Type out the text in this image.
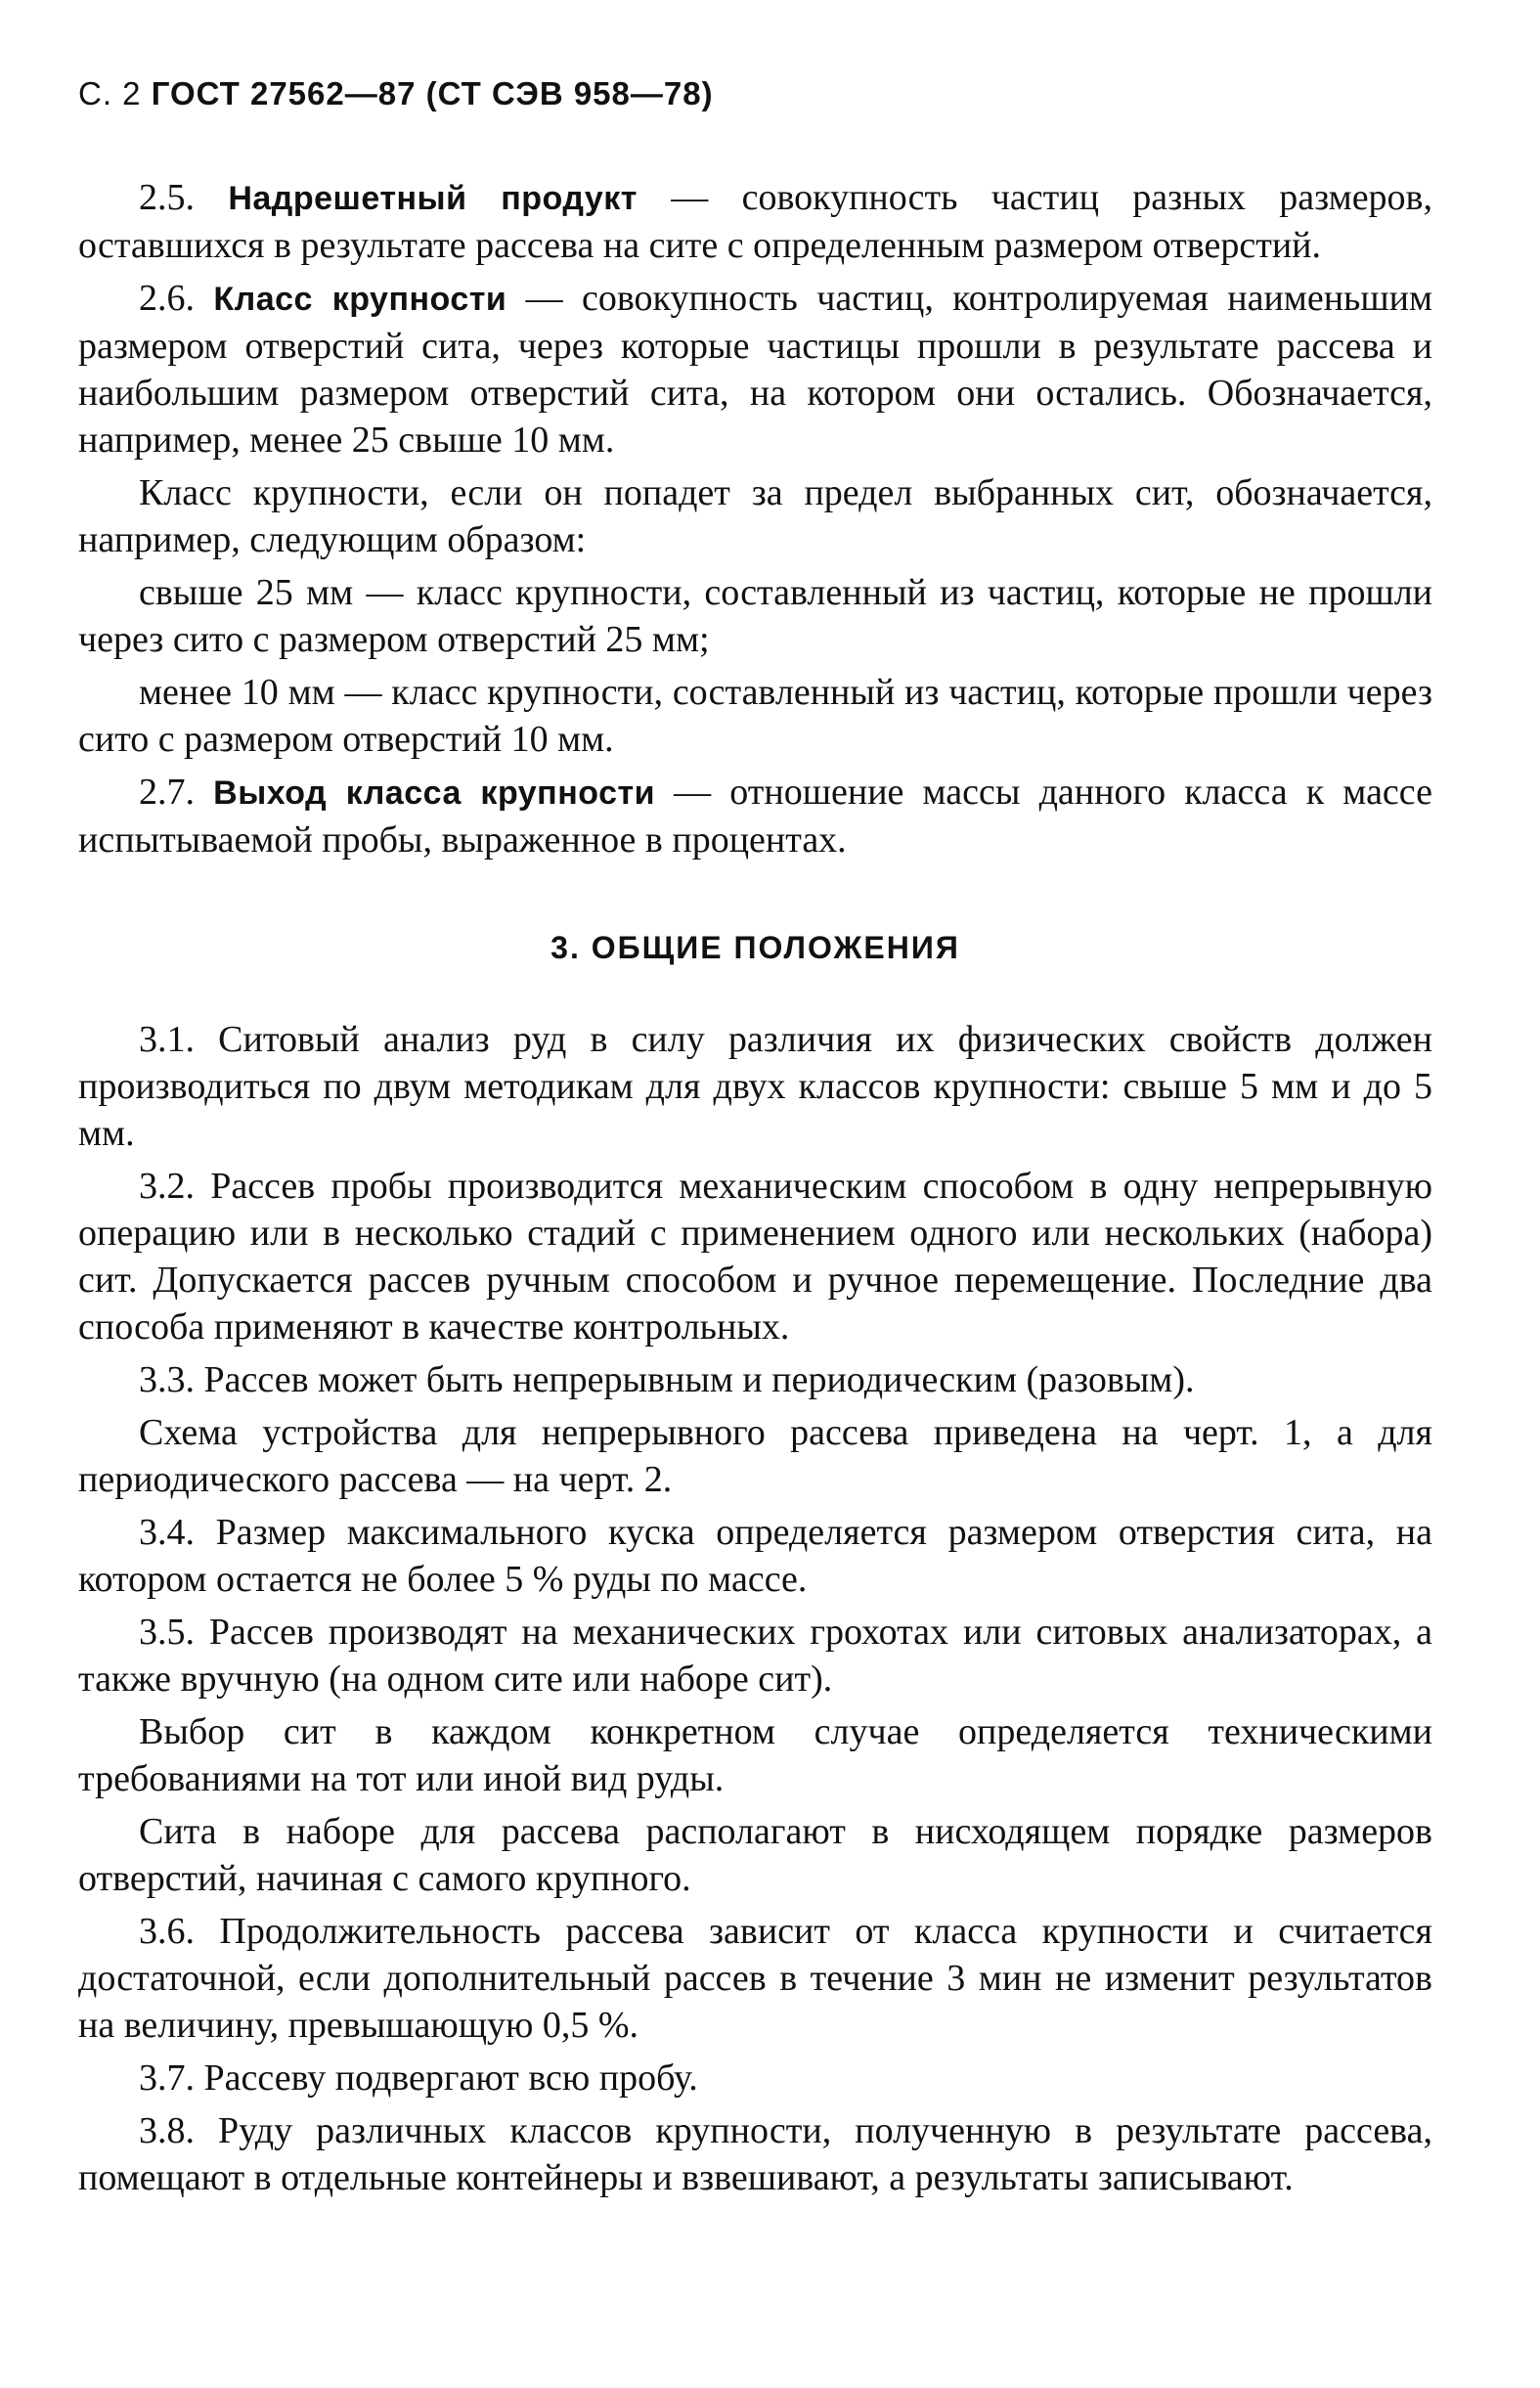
С. 2 ГОСТ 27562—87 (СТ СЭВ 958—78)

2.5. Надрешетный продукт — совокупность частиц разных размеров, оставшихся в результате рассева на сите с определенным размером отверстий.

2.6. Класс крупности — совокупность частиц, контролируемая наименьшим размером отверстий сита, через которые частицы прошли в результате рассева и наибольшим размером отверстий сита, на котором они остались. Обозначается, например, менее 25 свыше 10 мм.

Класс крупности, если он попадет за предел выбранных сит, обозначается, например, следующим образом:

свыше 25 мм — класс крупности, составленный из частиц, которые не прошли через сито с размером отверстий 25 мм;

менее 10 мм — класс крупности, составленный из частиц, которые прошли через сито с размером отверстий 10 мм.

2.7. Выход класса крупности — отношение массы данного класса к массе испытываемой пробы, выраженное в процентах.

3. ОБЩИЕ ПОЛОЖЕНИЯ

3.1. Ситовый анализ руд в силу различия их физических свойств должен производиться по двум методикам для двух классов крупности: свыше 5 мм и до 5 мм.

3.2. Рассев пробы производится механическим способом в одну непрерывную операцию или в несколько стадий с применением одного или нескольких (набора) сит. Допускается рассев ручным способом и ручное перемещение. Последние два способа применяют в качестве контрольных.

3.3. Рассев может быть непрерывным и периодическим (разовым).

Схема устройства для непрерывного рассева приведена на черт. 1, а для периодического рассева — на черт. 2.

3.4. Размер максимального куска определяется размером отверстия сита, на котором остается не более 5 % руды по массе.

3.5. Рассев производят на механических грохотах или ситовых анализаторах, а также вручную (на одном сите или наборе сит).

Выбор сит в каждом конкретном случае определяется техническими требованиями на тот или иной вид руды.

Сита в наборе для рассева располагают в нисходящем порядке размеров отверстий, начиная с самого крупного.

3.6. Продолжительность рассева зависит от класса крупности и считается достаточной, если дополнительный рассев в течение 3 мин не изменит результатов на величину, превышающую 0,5 %.

3.7. Рассеву подвергают всю пробу.

3.8. Руду различных классов крупности, полученную в результате рассева, помещают в отдельные контейнеры и взвешивают, а результаты записывают.
